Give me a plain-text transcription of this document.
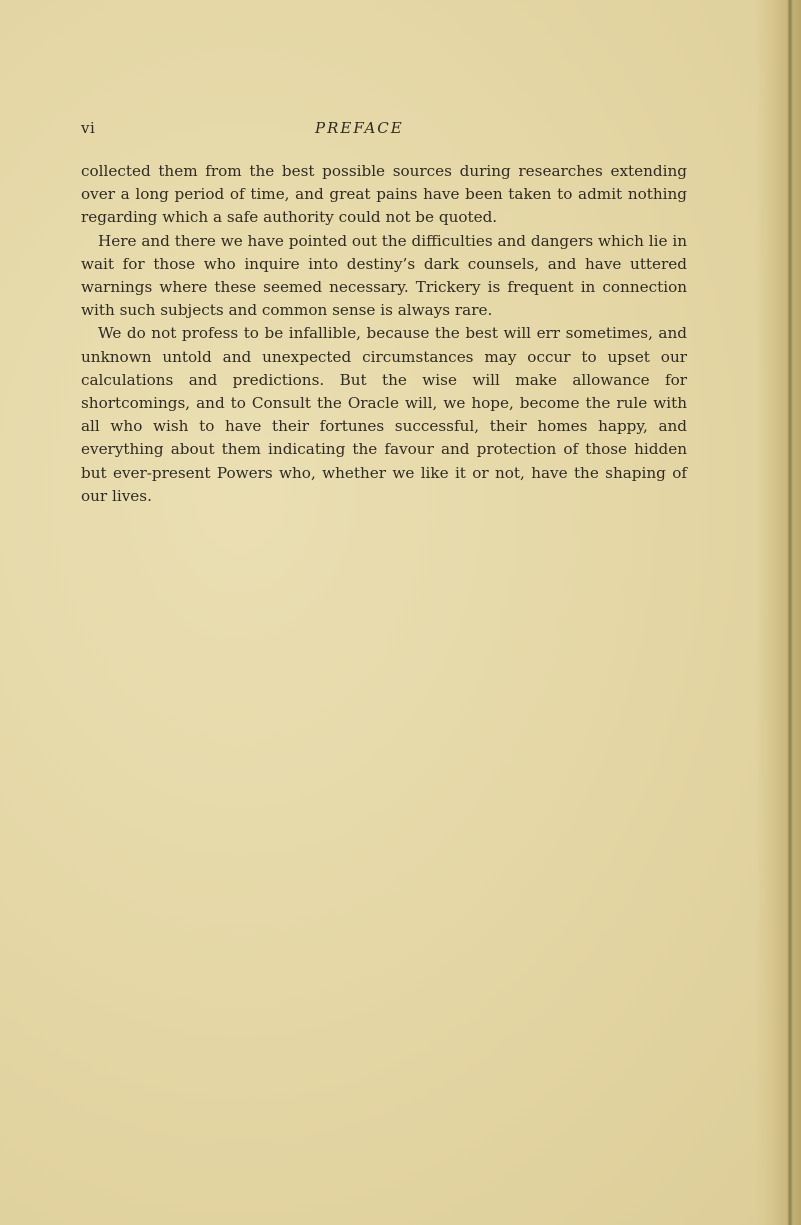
vi	PREFACE

collected them from the best possible sources during researches extending over a long period of time, and great pains have been taken to admit nothing regarding which a safe authority could not be quoted.

Here and there we have pointed out the difficulties and dangers which lie in wait for those who inquire into destiny’s dark counsels, and have uttered warnings where these seemed necessary. Trickery is frequent in connection with such subjects and common sense is always rare.

We do not profess to be infallible, because the best will err sometimes, and unknown untold and unexpected circumstances may occur to upset our calculations and predictions. But the wise will make allowance for shortcomings, and to Consult the Oracle will, we hope, become the rule with all who wish to have their fortunes successful, their homes happy, and everything about them indicating the favour and protection of those hidden but ever-present Powers who, whether we like it or not, have the shaping of our lives.
